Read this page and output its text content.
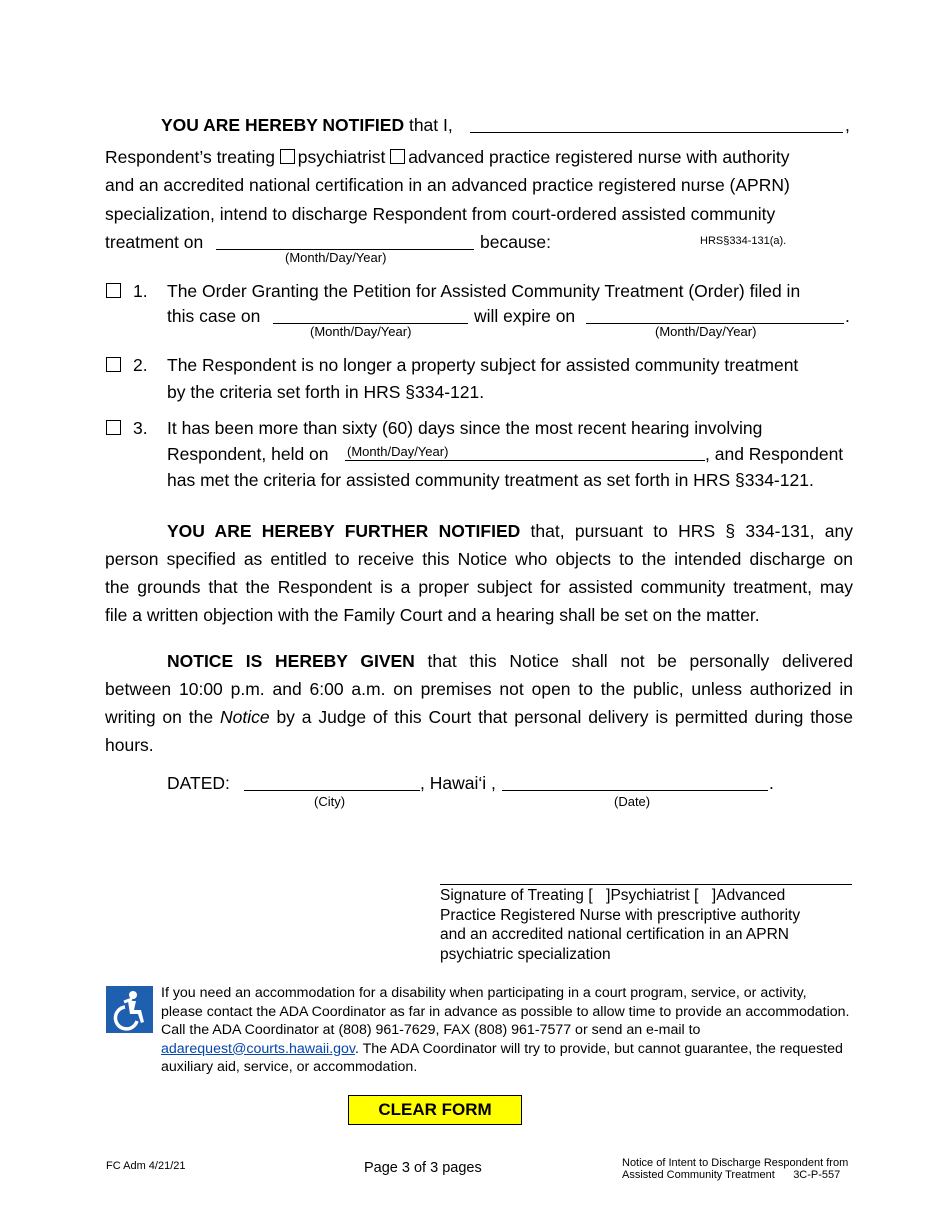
YOU ARE HEREBY NOTIFIED that I,	,
Respondent’s treating psychiatrist advanced practice registered nurse with authority
and an accredited national certification in an advanced practice registered nurse (APRN)
specialization, intend to discharge Respondent from court-ordered assisted community
treatment on
(Month/Day/Year)
because:	HRS§334-131(a).
1. The Order Granting the Petition for Assisted Community Treatment (Order) filed in
this case on
(Month/Day/Year)
will expire on
(Month/Day/Year)
.
2. The Respondent is no longer a property subject for assisted community treatment
by the criteria set forth in HRS §334-121.
3. It has been more than sixty (60) days since the most recent hearing involving
Respondent, held on (Month/Day/Year)	, and Respondent
has met the criteria for assisted community treatment as set forth in HRS §334-121.
YOU ARE HEREBY FURTHER NOTIFIED that, pursuant to HRS § 334-131, any
person specified as entitled to receive this Notice who objects to the intended discharge on
the grounds that the Respondent is a proper subject for assisted community treatment, may
file a written objection with the Family Court and a hearing shall be set on the matter.
NOTICE IS HEREBY GIVEN that this Notice shall not be personally delivered
between 10:00 p.m. and 6:00 a.m. on premises not open to the public, unless authorized in
writing on the Notice by a Judge of this Court that personal delivery is permitted during those
hours.
DATED:
(City)
, Hawai‘i ,
(Date)
.
Signature of Treating [   ]Psychiatrist [   ]Advanced
Practice Registered Nurse with prescriptive authority
and an accredited national certification in an APRN
psychiatric specialization
If you need an accommodation for a disability when participating in a court program, service, or activity,
please contact the ADA Coordinator as far in advance as possible to allow time to provide an accommodation.
Call the ADA Coordinator at (808) 961-7629, FAX (808) 961-7577 or send an e-mail to
adarequest@courts.hawaii.gov. The ADA Coordinator will try to provide, but cannot guarantee, the requested
auxiliary aid, service, or accommodation.
CLEAR FORM
FC Adm 4/21/21	Page 3 of 3 pages	Notice of Intent to Discharge Respondent from
Assisted Community Treatment 3C-P-557
